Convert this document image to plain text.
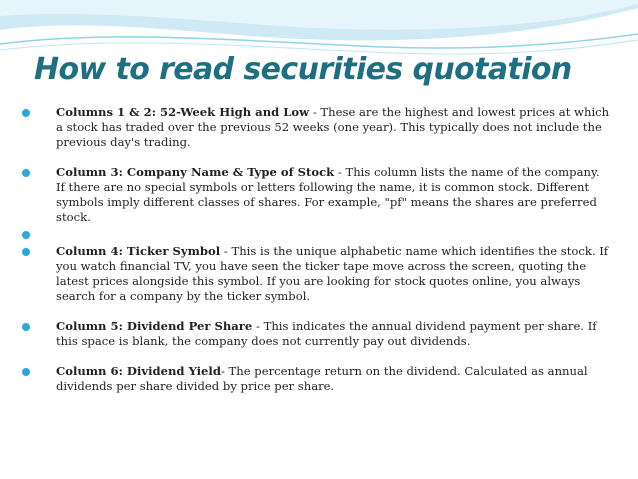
How to read securities quotation
Columns 1 & 2: 52-Week High and Low - These are the highest and lowest prices at which a stock has traded over the previous 52 weeks (one year). This typically does not include the previous day's trading.
Column 3: Company Name & Type of Stock - This column lists the name of the company. If there are no special symbols or letters following the name, it is common stock. Different symbols imply different classes of shares. For example, "pf" means the shares are preferred stock.
Column 4: Ticker Symbol - This is the unique alphabetic name which identifies the stock. If you watch financial TV, you have seen the ticker tape move across the screen, quoting the latest prices alongside this symbol. If you are looking for stock quotes online, you always search for a company by the ticker symbol.
Column 5: Dividend Per Share - This indicates the annual dividend payment per share. If this space is blank, the company does not currently pay out dividends.
Column 6: Dividend Yield- The percentage return on the dividend. Calculated as annual dividends per share divided by price per share.
